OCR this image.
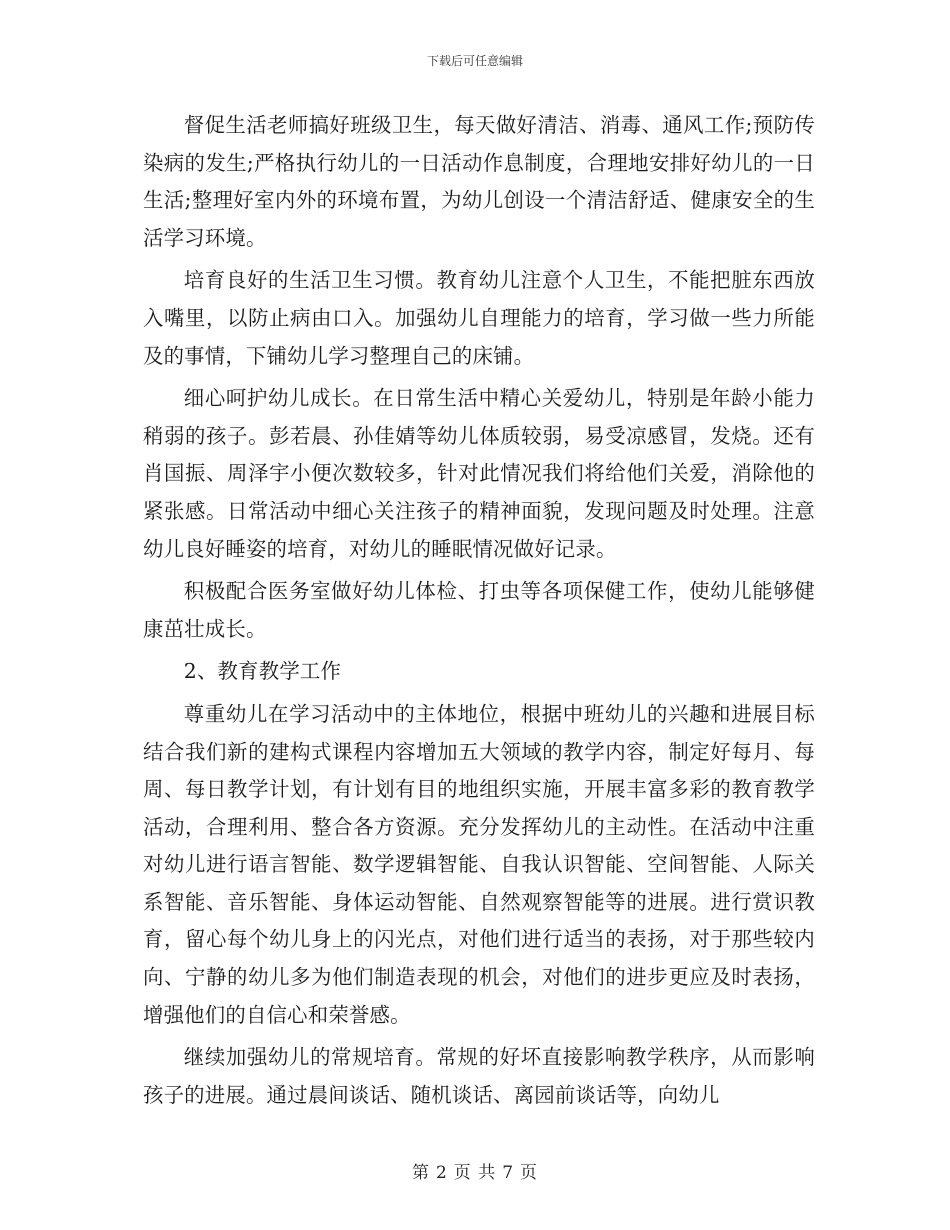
下载后可任意编辑

督促生活老师搞好班级卫生，每天做好清洁、消毒、通风工作;预防传染病的发生;严格执行幼儿的一日活动作息制度，合理地安排好幼儿的一日生活;整理好室内外的环境布置，为幼儿创设一个清洁舒适、健康安全的生活学习环境。

培育良好的生活卫生习惯。教育幼儿注意个人卫生，不能把脏东西放入嘴里，以防止病由口入。加强幼儿自理能力的培育，学习做一些力所能及的事情，下铺幼儿学习整理自己的床铺。

细心呵护幼儿成长。在日常生活中精心关爱幼儿，特别是年龄小能力稍弱的孩子。彭若晨、孙佳婧等幼儿体质较弱，易受凉感冒，发烧。还有肖国振、周泽宇小便次数较多，针对此情况我们将给他们关爱，消除他的紧张感。日常活动中细心关注孩子的精神面貌，发现问题及时处理。注意幼儿良好睡姿的培育，对幼儿的睡眠情况做好记录。

积极配合医务室做好幼儿体检、打虫等各项保健工作，使幼儿能够健康茁壮成长。

2、教育教学工作

尊重幼儿在学习活动中的主体地位，根据中班幼儿的兴趣和进展目标结合我们新的建构式课程内容增加五大领域的教学内容，制定好每月、每周、每日教学计划，有计划有目的地组织实施，开展丰富多彩的教育教学活动，合理利用、整合各方资源。充分发挥幼儿的主动性。在活动中注重对幼儿进行语言智能、数学逻辑智能、自我认识智能、空间智能、人际关系智能、音乐智能、身体运动智能、自然观察智能等的进展。进行赏识教育，留心每个幼儿身上的闪光点，对他们进行适当的表扬，对于那些较内向、宁静的幼儿多为他们制造表现的机会，对他们的进步更应及时表扬，增强他们的自信心和荣誉感。

继续加强幼儿的常规培育。常规的好坏直接影响教学秩序，从而影响孩子的进展。通过晨间谈话、随机谈话、离园前谈话等，向幼儿

第 2 页 共 7 页
